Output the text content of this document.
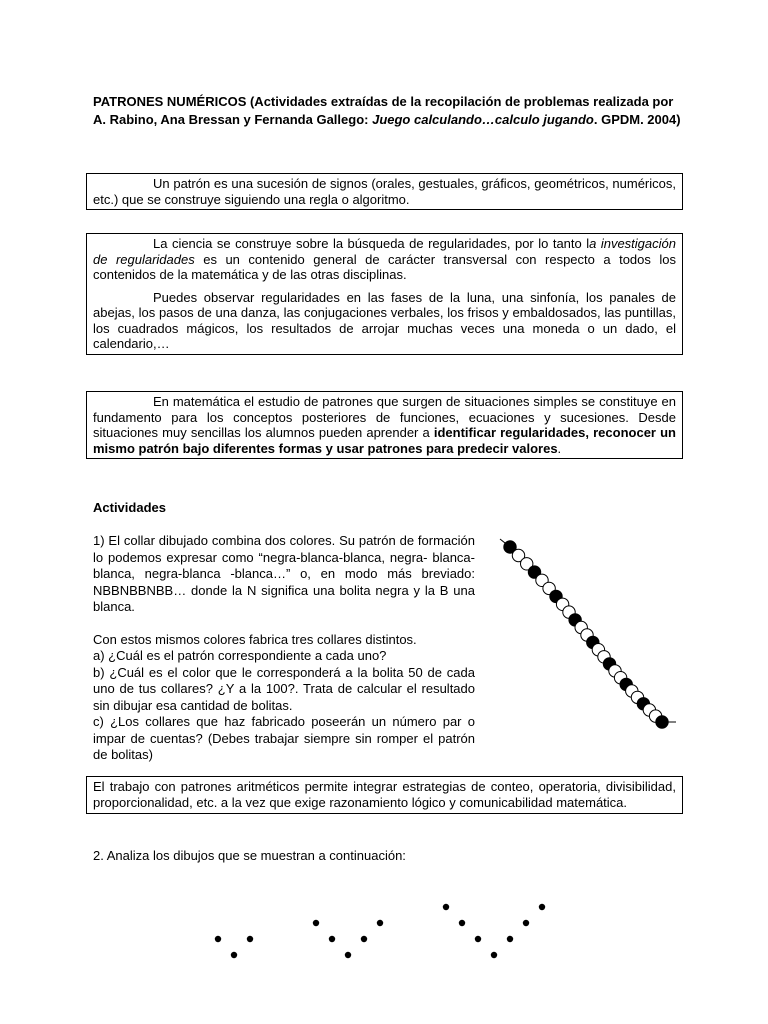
PATRONES NUMÉRICOS (Actividades extraídas de la recopilación de problemas realizada por A. Rabino, Ana Bressan y Fernanda Gallego: Juego calculando…calculo jugando. GPDM. 2004)

Un patrón es una sucesión de signos (orales, gestuales, gráficos, geométricos, numéricos, etc.) que se construye siguiendo una regla o algoritmo.

La ciencia se construye sobre la búsqueda de regularidades, por lo tanto la investigación de regularidades es un contenido general de carácter transversal con respecto a todos los contenidos de la matemática y de las otras disciplinas.

Puedes observar regularidades en las fases de la luna, una sinfonía, los panales de abejas, los pasos de una danza, las conjugaciones verbales, los frisos y embaldosados, las puntillas, los cuadrados mágicos, los resultados de arrojar muchas veces una moneda o un dado, el calendario,…

En matemática el estudio de patrones que surgen de situaciones simples se constituye en fundamento para los conceptos posteriores de funciones, ecuaciones y sucesiones. Desde situaciones muy sencillas los alumnos pueden aprender a identificar regularidades, reconocer un mismo patrón bajo diferentes formas y usar patrones para predecir valores.

Actividades

1) El collar dibujado combina dos colores. Su patrón de formación lo podemos expresar como “negra-blanca-blanca, negra- blanca-blanca, negra-blanca -blanca…” o, en modo más breviado: NBBNBBNBB… donde la N significa una bolita negra y la B una blanca.

Con estos mismos colores fabrica tres collares distintos.
a) ¿Cuál es el patrón correspondiente a cada uno?
b) ¿Cuál es el color que le corresponderá a la bolita 50 de cada uno de tus collares? ¿Y a la 100?. Trata de calcular el resultado sin dibujar esa cantidad de bolitas.
c) ¿Los collares que haz fabricado poseerán un número par o impar de cuentas? (Debes trabajar siempre sin romper el patrón de bolitas)

El trabajo con patrones aritméticos permite integrar estrategias de conteo, operatoria, divisibilidad, proporcionalidad, etc. a la vez que exige razonamiento lógico y comunicabilidad matemática.

2. Analiza los dibujos que se muestran a continuación:
